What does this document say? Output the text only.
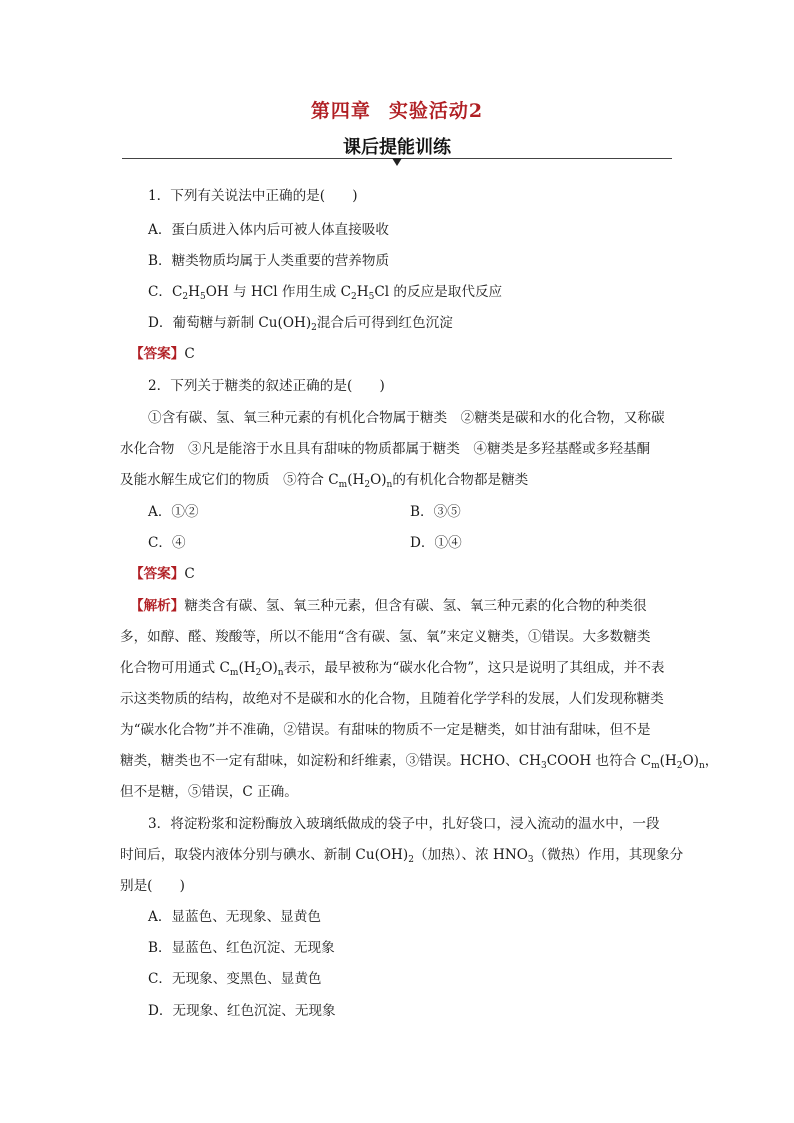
第四章 实验活动2
课后提能训练
1．下列有关说法中正确的是(　　)
A．蛋白质进入体内后可被人体直接吸收
B．糖类物质均属于人类重要的营养物质
C．$C_2H_5OH$ 与 HCl 作用生成 $C_2H_5Cl$ 的反应是取代反应
D．葡萄糖与新制 $Cu(OH)_2$混合后可得到红色沉淀
【答案】C
2．下列关于糖类的叙述正确的是(　　)
①含有碳、氢、氧三种元素的有机化合物属于糖类　②糖类是碳和水的化合物，又称碳
水化合物　③凡是能溶于水且具有甜味的物质都属于糖类　④糖类是多羟基醛或多羟基酮
及能水解生成它们的物质　⑤符合 $C_m(H_2O)_n$的有机化合物都是糖类
A．①②	B．③⑤
C．④	D．①④
【答案】C
【解析】糖类含有碳、氢、氧三种元素，但含有碳、氢、氧三种元素的化合物的种类很
多，如醇、醛、羧酸等，所以不能用“含有碳、氢、氧”来定义糖类，①错误。大多数糖类
化合物可用通式 $C_m(H_2O)_n$表示，最早被称为“碳水化合物”，这只是说明了其组成，并不表
示这类物质的结构，故绝对不是碳和水的化合物，且随着化学学科的发展，人们发现称糖类
为“碳水化合物”并不准确，②错误。有甜味的物质不一定是糖类，如甘油有甜味，但不是
糖类，糖类也不一定有甜味，如淀粉和纤维素，③错误。HCHO、$CH_3COOH$ 也符合 $C_m(H_2O)_n$，
但不是糖，⑤错误，C 正确。
3．将淀粉浆和淀粉酶放入玻璃纸做成的袋子中，扎好袋口，浸入流动的温水中，一段
时间后，取袋内液体分别与碘水、新制 $Cu(OH)_2$（加热）、浓 $HNO_3$（微热）作用，其现象分
别是(　　)
A．显蓝色、无现象、显黄色
B．显蓝色、红色沉淀、无现象
C．无现象、变黑色、显黄色
D．无现象、红色沉淀、无现象
